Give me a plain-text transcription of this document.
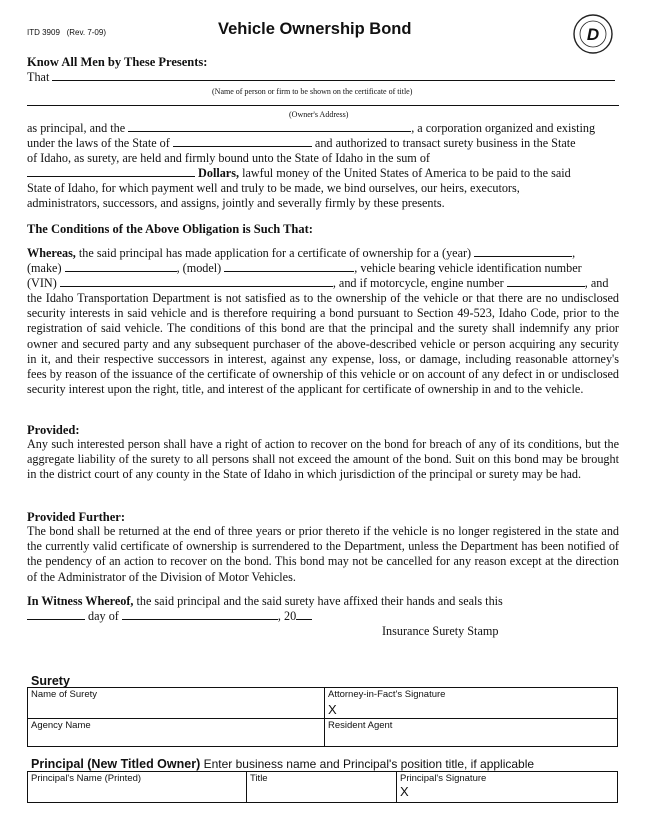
ITD 3909 (Rev. 7-09)	Vehicle Ownership Bond	D
Know All Men by These Presents:
That
(Name of person or firm to be shown on the certificate of title)
(Owner's Address)
as principal, and the	, a corporation organized and existing
under the laws of the State of	and authorized to transact surety business in the State
of Idaho, as surety, are held and firmly bound unto the State of Idaho in the sum of
Dollars, lawful money of the United States of America to be paid to the said
State of Idaho, for which payment well and truly to be made, we bind ourselves, our heirs, executors,
administrators, successors, and assigns, jointly and severally firmly by these presents.
The Conditions of the Above Obligation is Such That:
Whereas, the said principal has made application for a certificate of ownership for a (year)	,
(make)	, (model)	, vehicle bearing vehicle identification number
(VIN)	, and if motorcycle, engine number	, and
the Idaho Transportation Department is not satisfied as to the ownership of the vehicle or that there are no undisclosed security interests in said vehicle and is therefore requiring a bond pursuant to Section 49-523, Idaho Code, prior to the registration of said vehicle. The conditions of this bond are that the principal and the surety shall indemnify any prior owner and secured party and any subsequent purchaser of the above-described vehicle or person acquiring any security in it, and their respective successors in interest, against any expense, loss, or damage, including reasonable attorney's fees by reason of the issuance of the certificate of ownership of this vehicle or on account of any defect in or undisclosed security interest upon the right, title, and interest of the applicant for certificate of ownership in and to the vehicle.
Provided:
Any such interested person shall have a right of action to recover on the bond for breach of any of its conditions, but the aggregate liability of the surety to all persons shall not exceed the amount of the bond. Suit on this bond may be brought in the district court of any county in the State of Idaho in which jurisdiction of the principal or surety may be had.
Provided Further:
The bond shall be returned at the end of three years or prior thereto if the vehicle is no longer registered in the state and the currently valid certificate of ownership is surrendered to the Department, unless the Department has been notified of the pendency of an action to recover on the bond. This bond may not be cancelled for any reason except at the direction of the Administrator of the Division of Motor Vehicles.
In Witness Whereof, the said principal and the said surety have affixed their hands and seals this
day of	, 20
Insurance Surety Stamp
Surety
Name of Surety	Attorney-in-Fact's Signature
X

Agency Name	Resident Agent
Principal (New Titled Owner) Enter business name and Principal's position title, if applicable
Principal's Name (Printed)	Title	Principal's Signature
X
